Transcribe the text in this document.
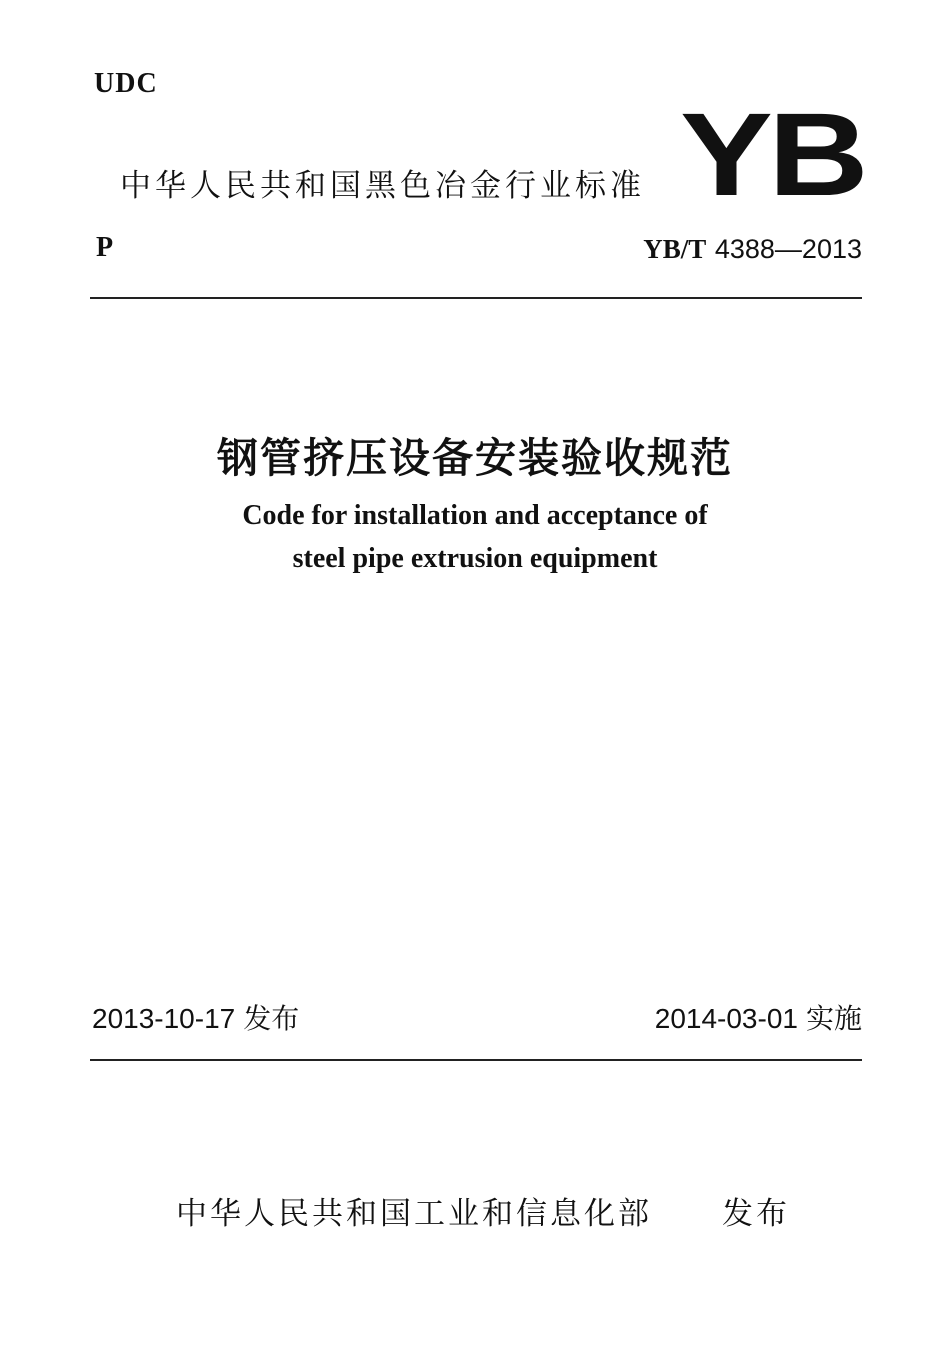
UDC
中华人民共和国黑色冶金行业标准 YB
P	YB/T 4388—2013
钢管挤压设备安装验收规范
Code for installation and acceptance of
steel pipe extrusion equipment
2013-10-17 发布	2014-03-01 实施
中华人民共和国工业和信息化部 发布
